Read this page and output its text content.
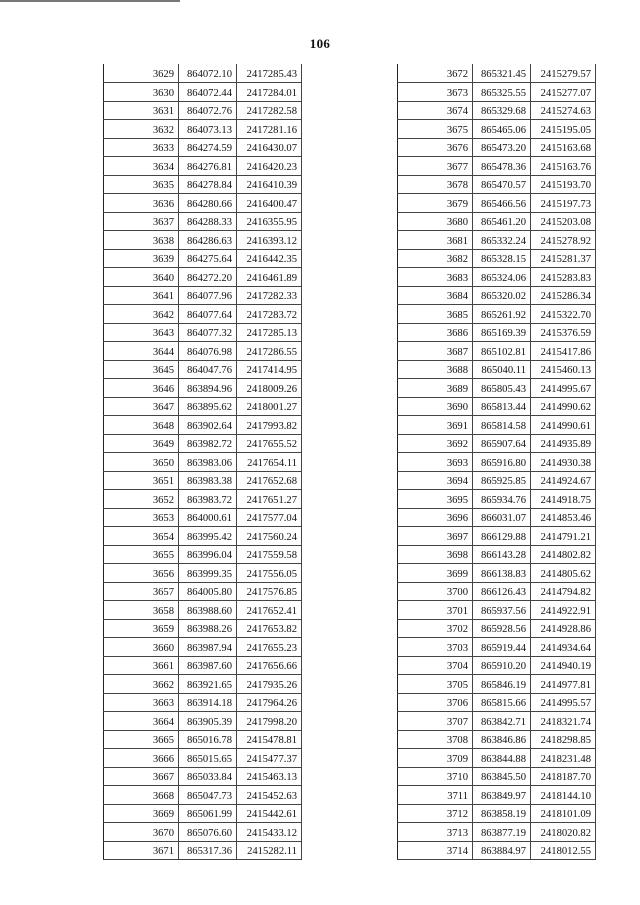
106
3629	864072.10	2417285.43
3630	864072.44	2417284.01
3631	864072.76	2417282.58
3632	864073.13	2417281.16
3633	864274.59	2416430.07
3634	864276.81	2416420.23
3635	864278.84	2416410.39
3636	864280.66	2416400.47
3637	864288.33	2416355.95
3638	864286.63	2416393.12
3639	864275.64	2416442.35
3640	864272.20	2416461.89
3641	864077.96	2417282.33
3642	864077.64	2417283.72
3643	864077.32	2417285.13
3644	864076.98	2417286.55
3645	864047.76	2417414.95
3646	863894.96	2418009.26
3647	863895.62	2418001.27
3648	863902.64	2417993.82
3649	863982.72	2417655.52
3650	863983.06	2417654.11
3651	863983.38	2417652.68
3652	863983.72	2417651.27
3653	864000.61	2417577.04
3654	863995.42	2417560.24
3655	863996.04	2417559.58
3656	863999.35	2417556.05
3657	864005.80	2417576.85
3658	863988.60	2417652.41
3659	863988.26	2417653.82
3660	863987.94	2417655.23
3661	863987.60	2417656.66
3662	863921.65	2417935.26
3663	863914.18	2417964.26
3664	863905.39	2417998.20
3665	865016.78	2415478.81
3666	865015.65	2415477.37
3667	865033.84	2415463.13
3668	865047.73	2415452.63
3669	865061.99	2415442.61
3670	865076.60	2415433.12
3671	865317.36	2415282.11
3672	865321.45	2415279.57
3673	865325.55	2415277.07
3674	865329.68	2415274.63
3675	865465.06	2415195.05
3676	865473.20	2415163.68
3677	865478.36	2415163.76
3678	865470.57	2415193.70
3679	865466.56	2415197.73
3680	865461.20	2415203.08
3681	865332.24	2415278.92
3682	865328.15	2415281.37
3683	865324.06	2415283.83
3684	865320.02	2415286.34
3685	865261.92	2415322.70
3686	865169.39	2415376.59
3687	865102.81	2415417.86
3688	865040.11	2415460.13
3689	865805.43	2414995.67
3690	865813.44	2414990.62
3691	865814.58	2414990.61
3692	865907.64	2414935.89
3693	865916.80	2414930.38
3694	865925.85	2414924.67
3695	865934.76	2414918.75
3696	866031.07	2414853.46
3697	866129.88	2414791.21
3698	866143.28	2414802.82
3699	866138.83	2414805.62
3700	866126.43	2414794.82
3701	865937.56	2414922.91
3702	865928.56	2414928.86
3703	865919.44	2414934.64
3704	865910.20	2414940.19
3705	865846.19	2414977.81
3706	865815.66	2414995.57
3707	863842.71	2418321.74
3708	863846.86	2418298.85
3709	863844.88	2418231.48
3710	863845.50	2418187.70
3711	863849.97	2418144.10
3712	863858.19	2418101.09
3713	863877.19	2418020.82
3714	863884.97	2418012.55
